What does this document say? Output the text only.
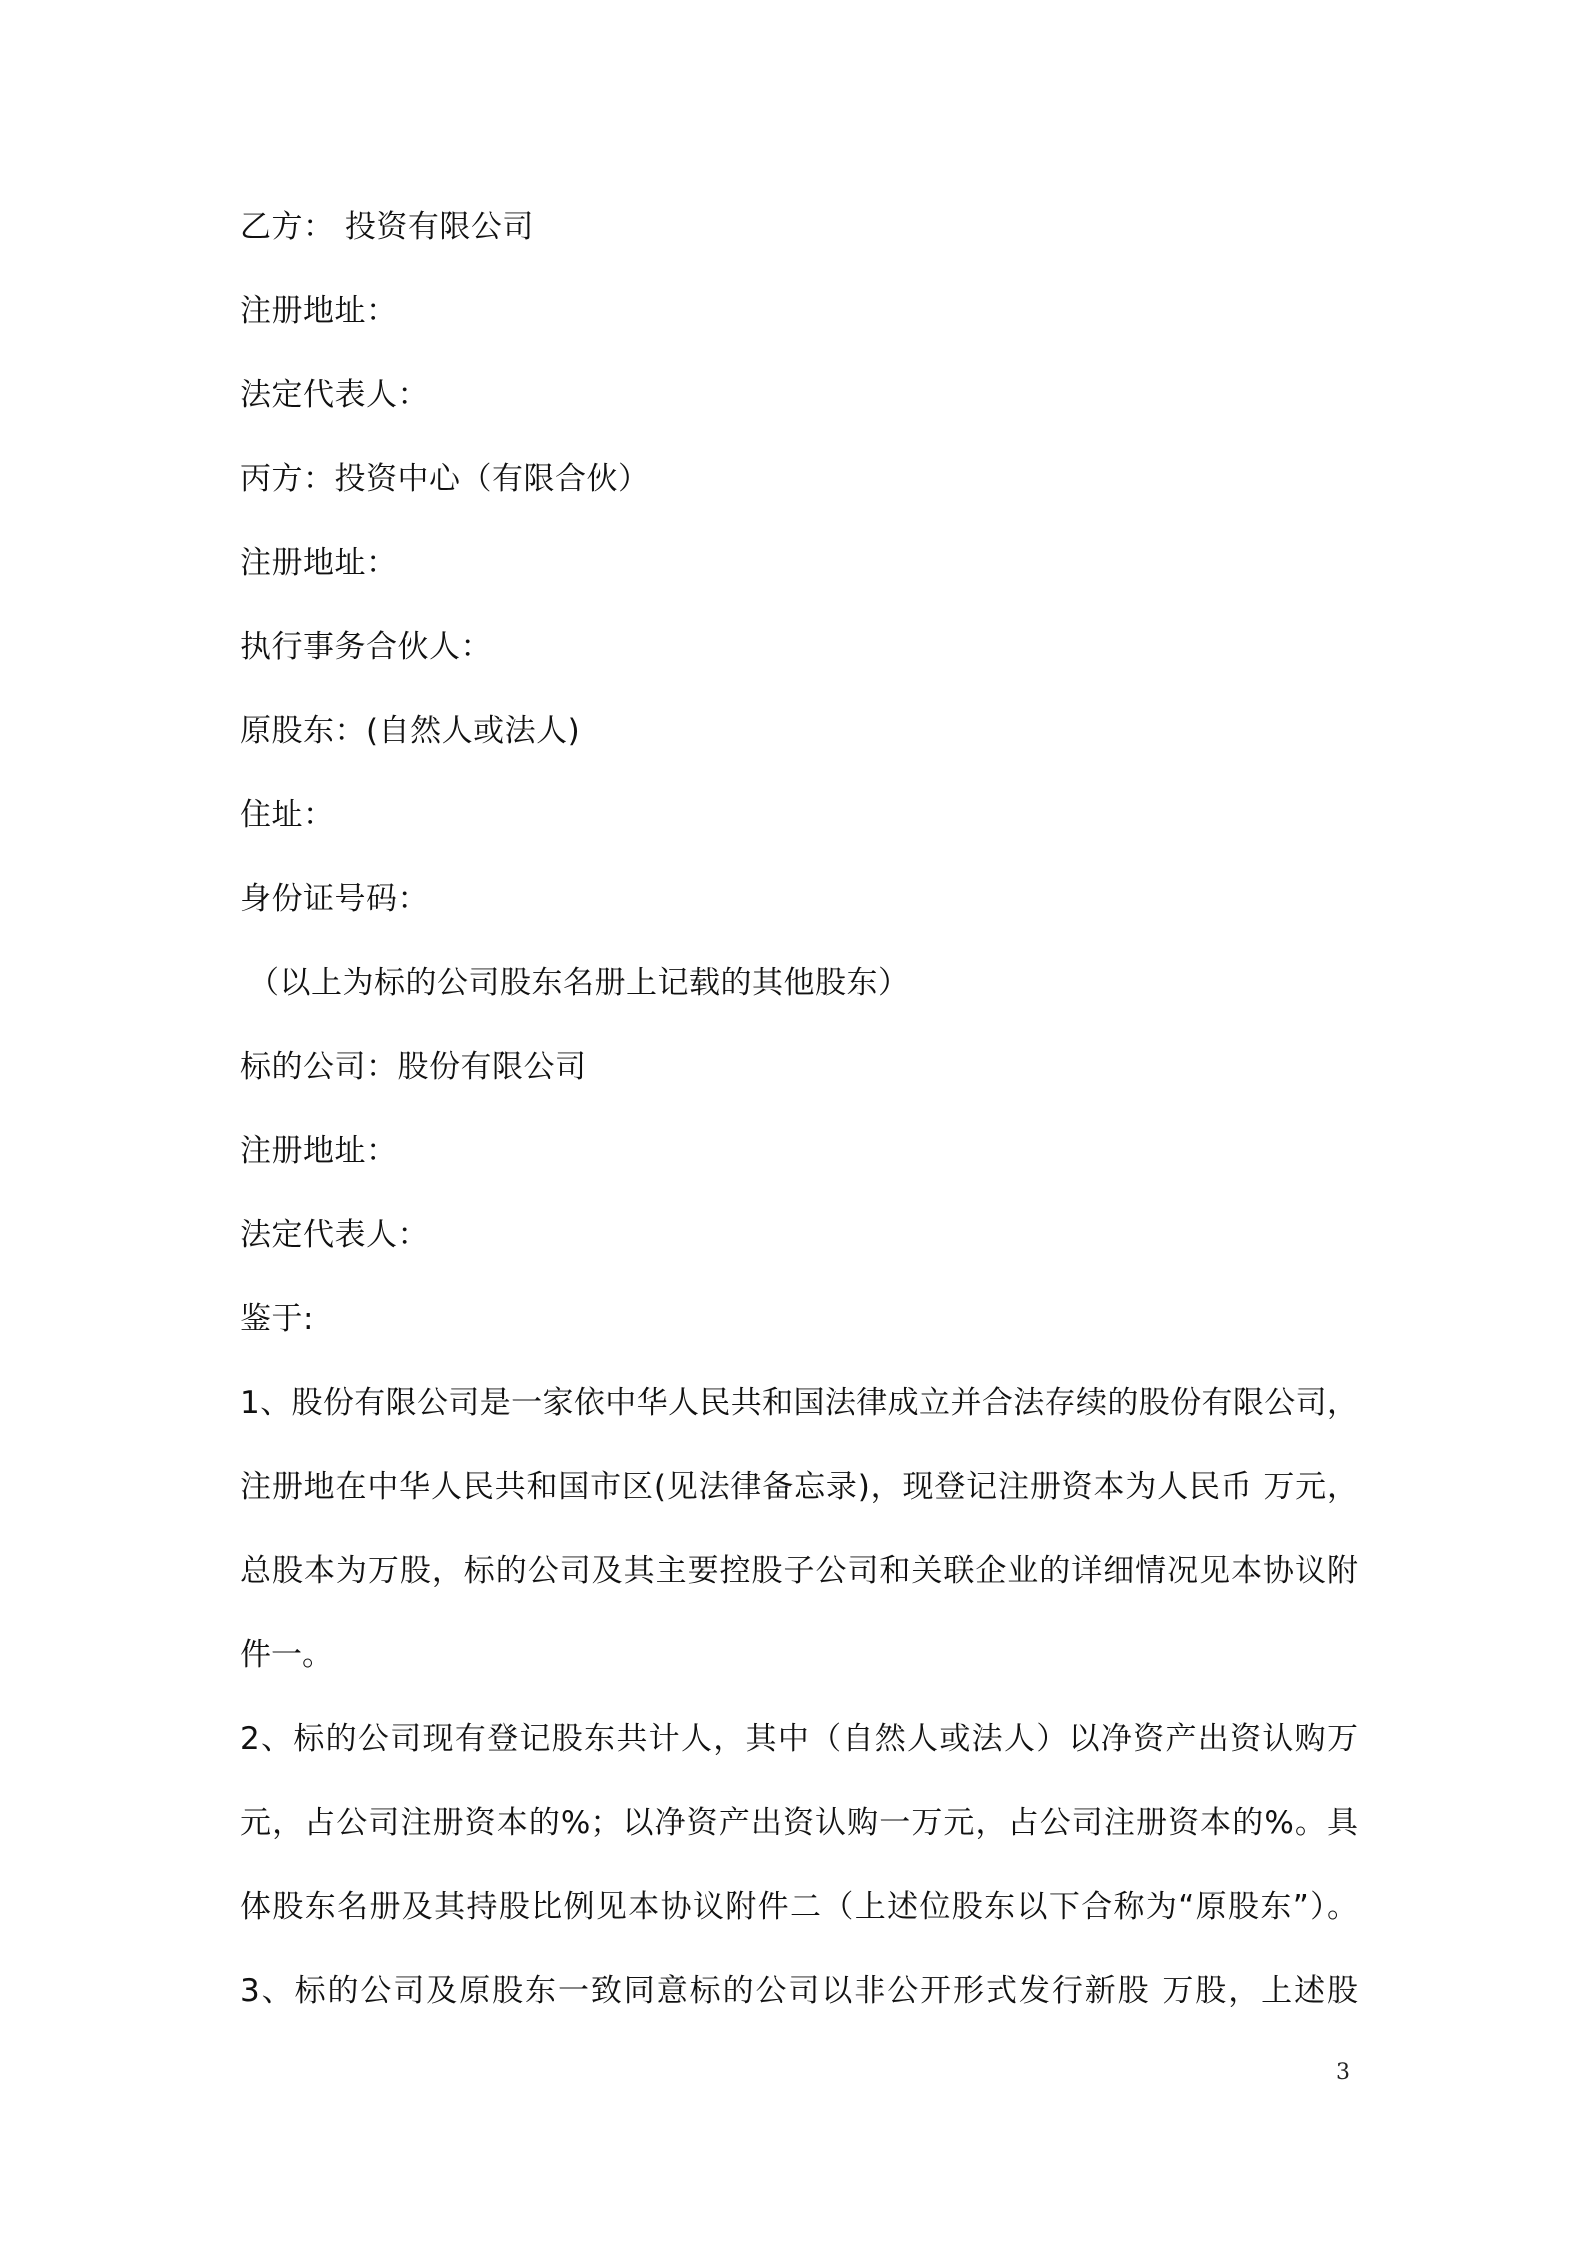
乙方： 投资有限公司
注册地址：
法定代表人：
丙方：投资中心（有限合伙）
注册地址：
执行事务合伙人：
原股东：(自然人或法人)
住址：
身份证号码：
（以上为标的公司股东名册上记载的其他股东）
标的公司：股份有限公司
注册地址：
法定代表人：
鉴于:
1、股份有限公司是一家依中华人民共和国法律成立并合法存续的股份有限公司，
注册地在中华人民共和国市区(见法律备忘录)，现登记注册资本为人民币 万元，
总股本为万股，标的公司及其主要控股子公司和关联企业的详细情况见本协议附
件一。
2、标的公司现有登记股东共计人，其中（自然人或法人）以净资产出资认购万
元，占公司注册资本的%；以净资产出资认购一万元，占公司注册资本的%。具
体股东名册及其持股比例见本协议附件二（上述位股东以下合称为“原股东”）。
3、标的公司及原股东一致同意标的公司以非公开形式发行新股 万股，上述股
3
